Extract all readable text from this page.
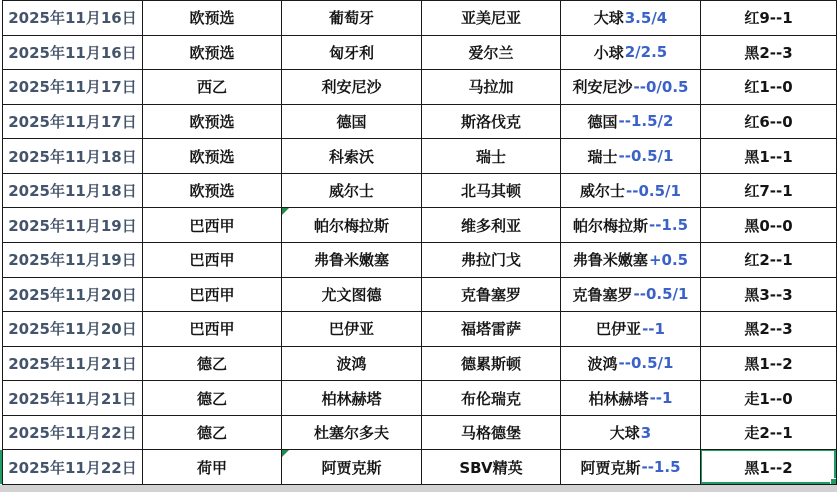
2025年11月16日	欧预选	葡萄牙	亚美尼亚	大球 3.5/4	红9--1
2025年11月16日	欧预选	匈牙利	爱尔兰	小球 2/2.5	黑2--3
2025年11月17日	西乙	利安尼沙	马拉加	利安尼沙 --0/0.5	红1--0
2025年11月17日	欧预选	德国	斯洛伐克	德国 --1.5/2	红6--0
2025年11月18日	欧预选	科索沃	瑞士	瑞士 --0.5/1	黑1--1
2025年11月18日	欧预选	威尔士	北马其顿	威尔士 --0.5/1	红7--1
2025年11月19日	巴西甲	帕尔梅拉斯	维多利亚	帕尔梅拉斯 --1.5	黑0--0
2025年11月19日	巴西甲	弗鲁米嫩塞	弗拉门戈	弗鲁米嫩塞 +0.5	红2--1
2025年11月20日	巴西甲	尤文图德	克鲁塞罗	克鲁塞罗 --0.5/1	黑3--3
2025年11月20日	巴西甲	巴伊亚	福塔雷萨	巴伊亚 --1	黑2--3
2025年11月21日	德乙	波鸿	德累斯顿	波鸿 --0.5/1	黑1--2
2025年11月21日	德乙	柏林赫塔	布伦瑞克	柏林赫塔 --1	走1--0
2025年11月22日	德乙	杜塞尔多夫	马格德堡	大球 3	走2--1
2025年11月22日	荷甲	阿贾克斯	SBV精英	阿贾克斯 --1.5	黑1--2
